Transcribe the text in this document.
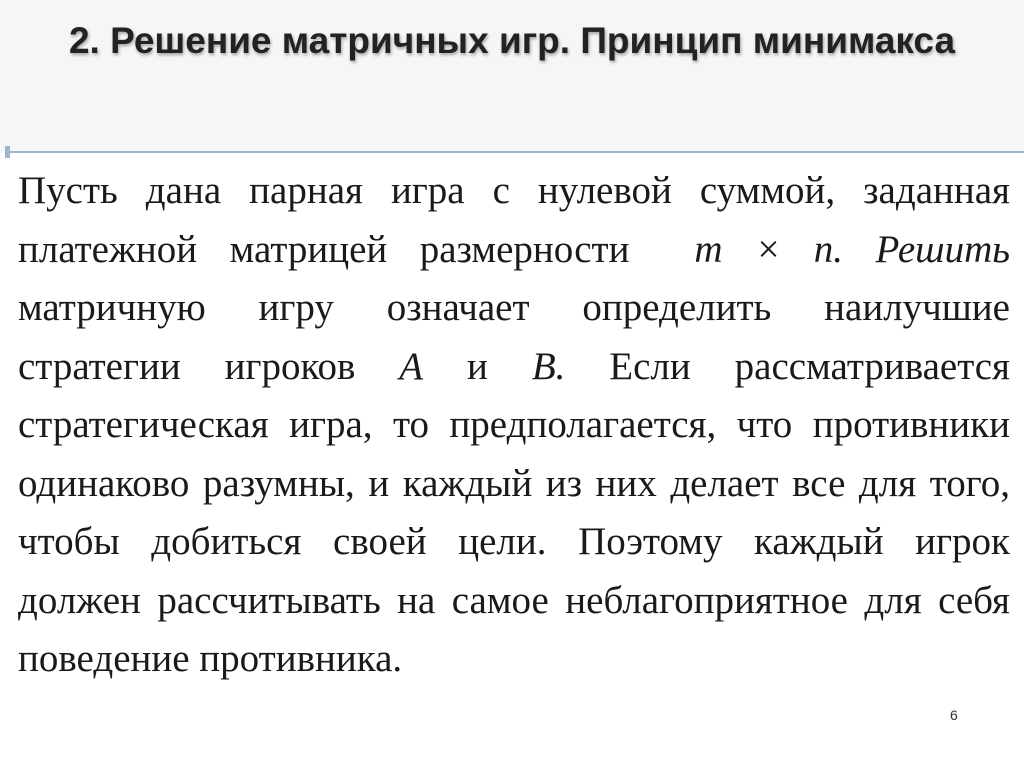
2. Решение матричных игр. Принцип минимакса
Пусть дана парная игра с нулевой суммой, заданная платежной матрицей размерности m × n. Решить матричную игру означает определить наилучшие стратегии игроков A и B. Если рассматривается стратегическая игра, то предполагается, что противники одинаково разумны, и каждый из них делает все для того, чтобы добиться своей цели. Поэтому каждый игрок должен рассчитывать на самое неблагоприятное для себя поведение противника.
6
